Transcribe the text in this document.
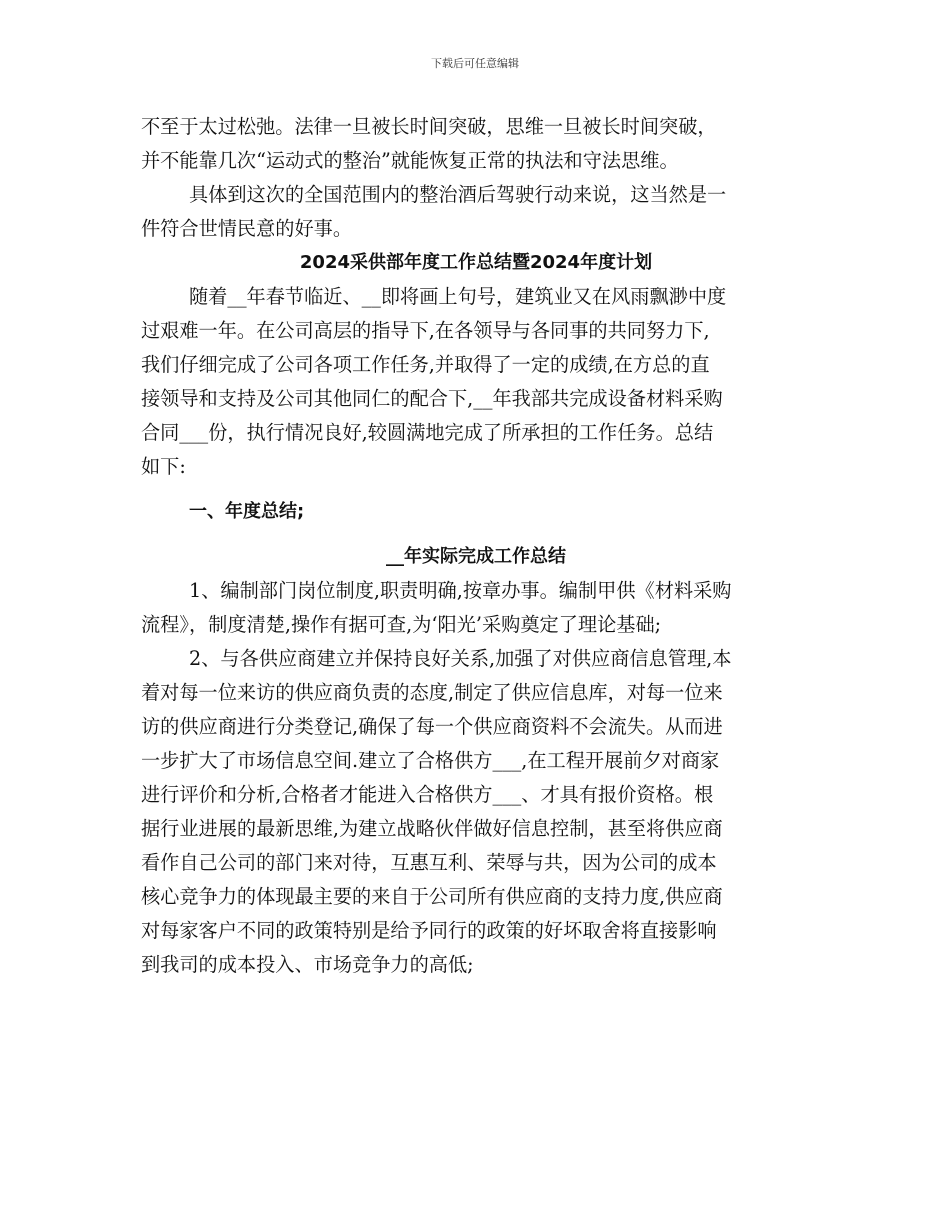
下载后可任意编辑
不至于太过松弛。法律一旦被长时间突破，思维一旦被长时间突破，
并不能靠几次“运动式的整治”就能恢复正常的执法和守法思维。
具体到这次的全国范围内的整治酒后驾驶行动来说，这当然是一
件符合世情民意的好事。
2024采供部年度工作总结暨2024年度计划
随着__年春节临近、__即将画上句号，建筑业又在风雨飘渺中度
过艰难一年。在公司高层的指导下,在各领导与各同事的共同努力下,
我们仔细完成了公司各项工作任务,并取得了一定的成绩,在方总的直
接领导和支持及公司其他同仁的配合下,__年我部共完成设备材料采购
合同___份，执行情况良好,较圆满地完成了所承担的工作任务。总结
如下:
一、年度总结;
__年实际完成工作总结
1、编制部门岗位制度,职责明确,按章办事。编制甲供《材料采购
流程》，制度清楚,操作有据可查,为‘阳光’采购奠定了理论基础;
2、与各供应商建立并保持良好关系,加强了对供应商信息管理,本
着对每一位来访的供应商负责的态度,制定了供应信息库，对每一位来
访的供应商进行分类登记,确保了每一个供应商资料不会流失。从而进
一步扩大了市场信息空间.建立了合格供方___,在工程开展前夕对商家
进行评价和分析,合格者才能进入合格供方___、才具有报价资格。根
据行业进展的最新思维,为建立战略伙伴做好信息控制，甚至将供应商
看作自己公司的部门来对待，互惠互利、荣辱与共，因为公司的成本
核心竞争力的体现最主要的来自于公司所有供应商的支持力度,供应商
对每家客户不同的政策特别是给予同行的政策的好坏取舍将直接影响
到我司的成本投入、市场竞争力的高低;
